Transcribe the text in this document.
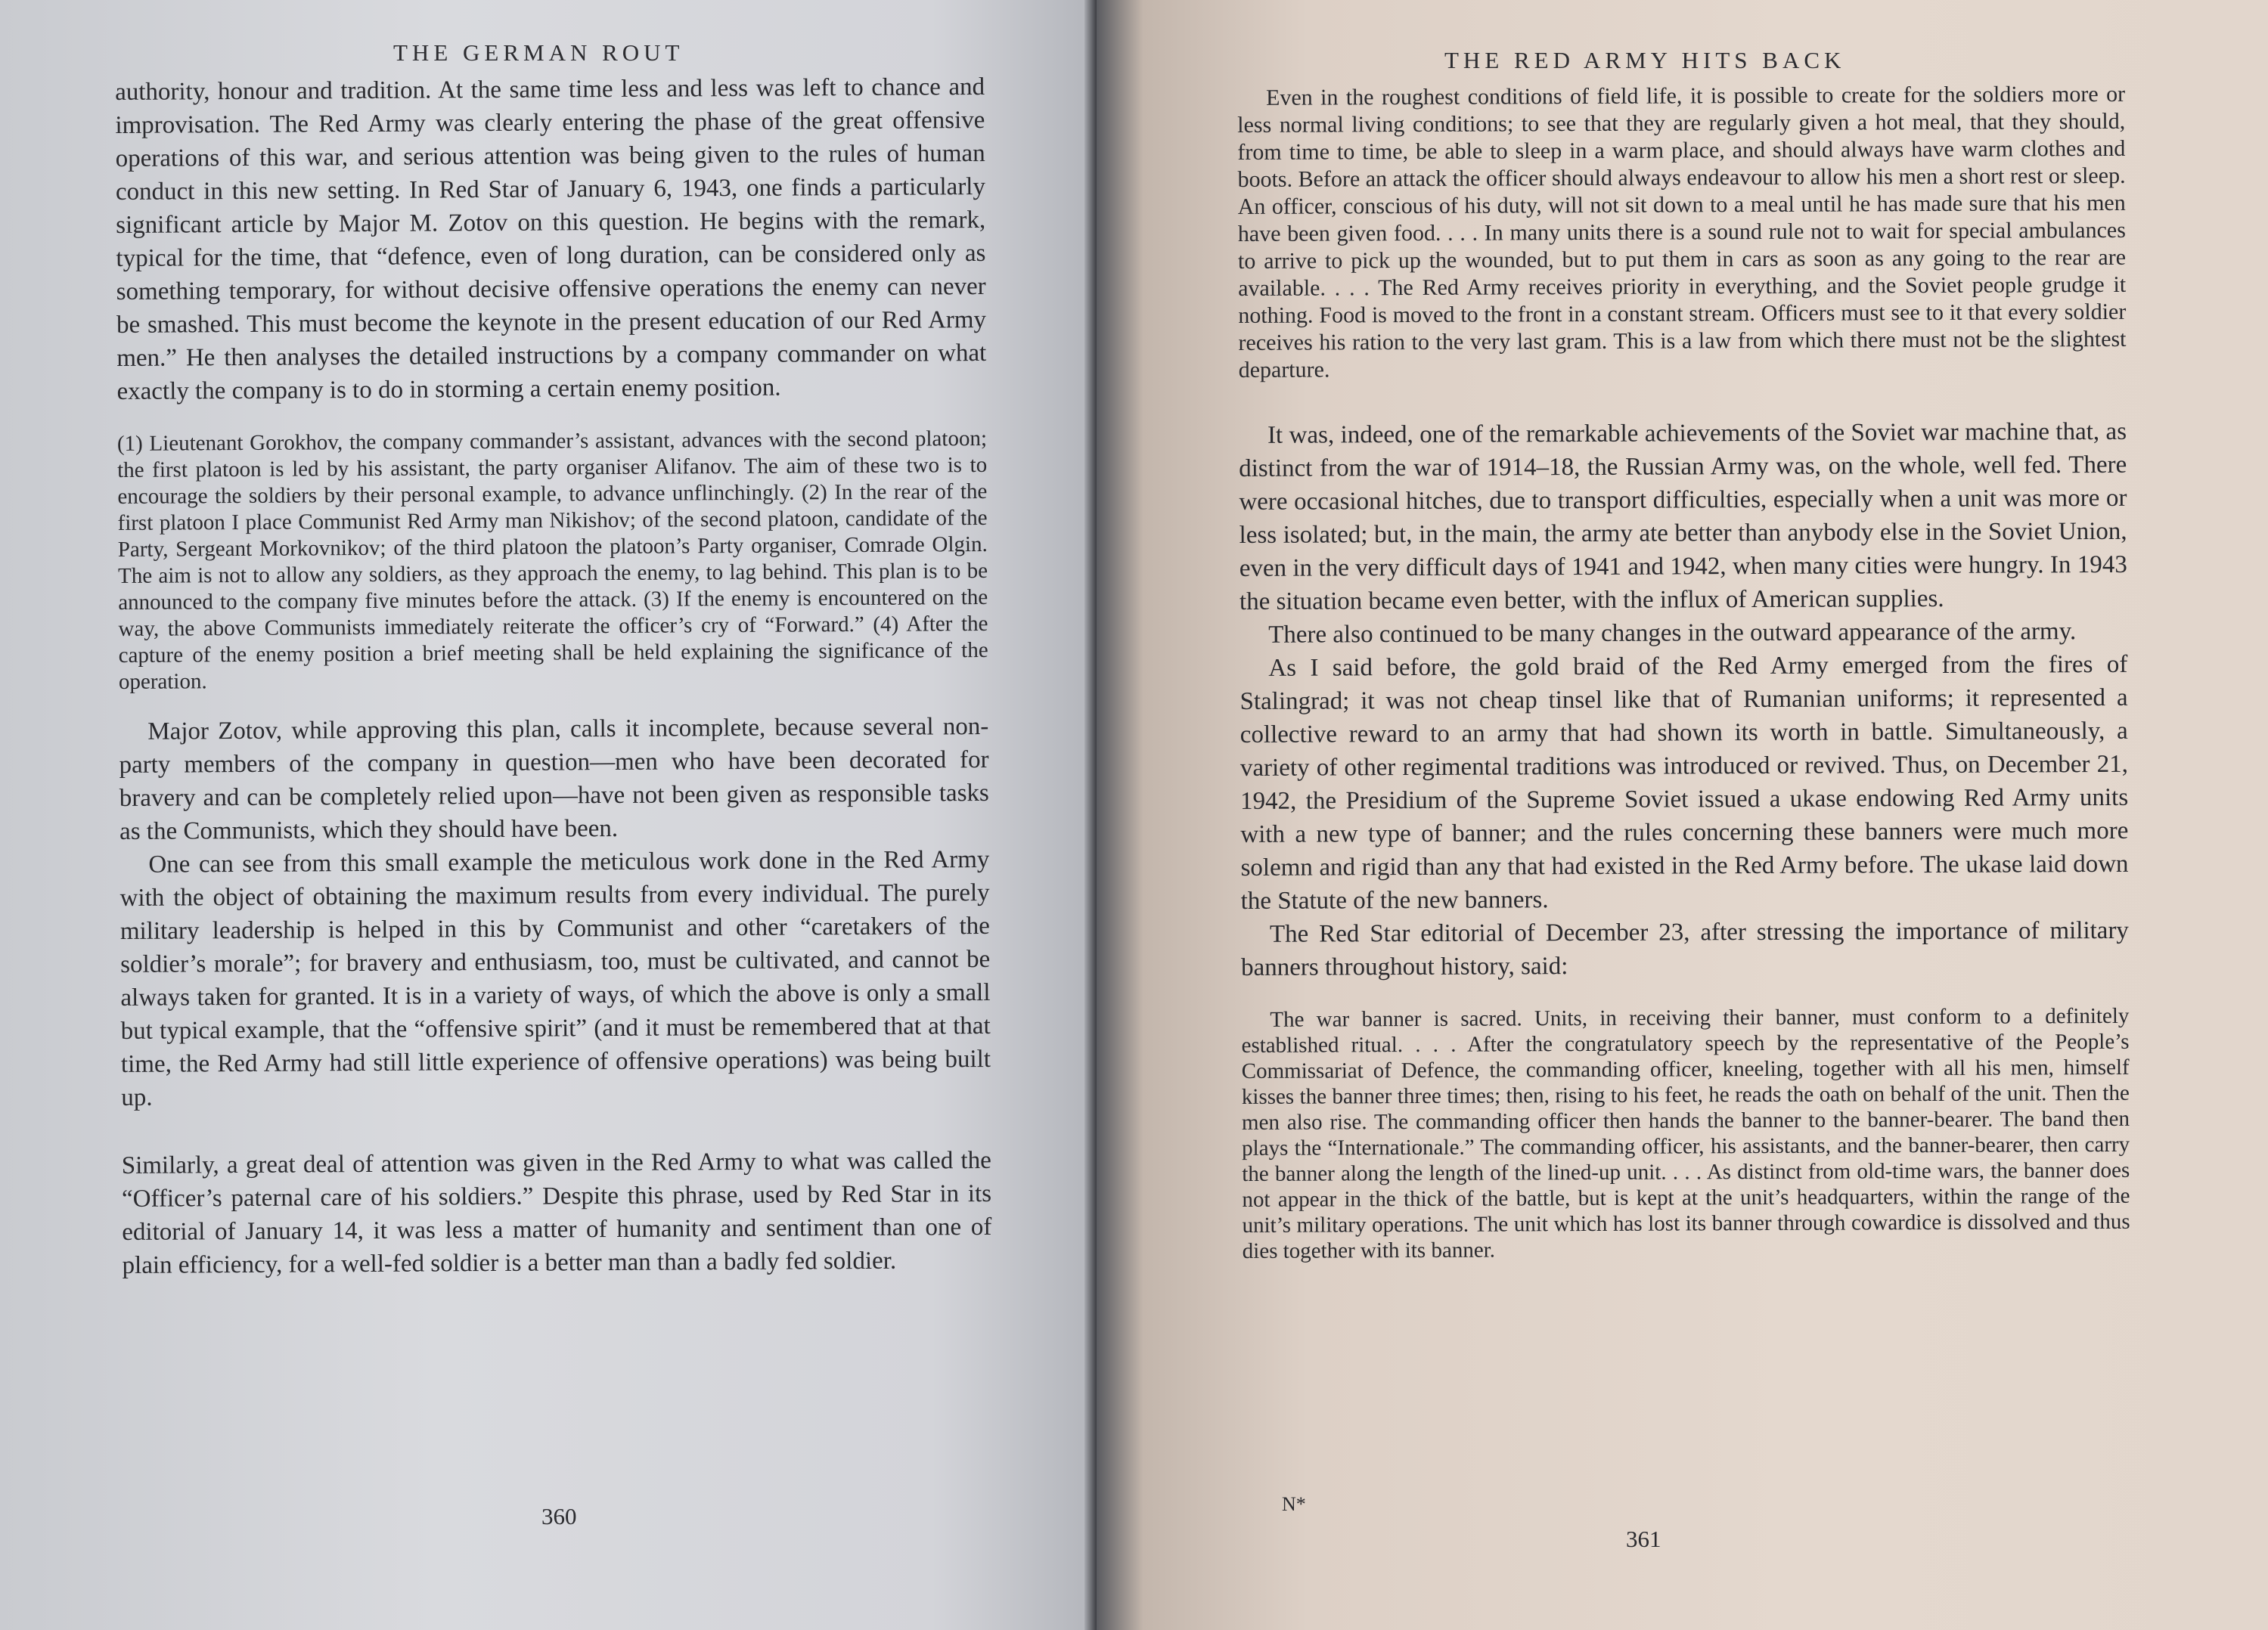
THE GERMAN ROUT

authority, honour and tradition. At the same time less and less was left to chance and improvisation. The Red Army was clearly entering the phase of the great offensive operations of this war, and serious attention was being given to the rules of human conduct in this new setting. In Red Star of January 6, 1943, one finds a particularly significant article by Major M. Zotov on this question. He begins with the remark, typical for the time, that “defence, even of long duration, can be considered only as something temporary, for without decisive offensive operations the enemy can never be smashed. This must become the keynote in the present education of our Red Army men.” He then analyses the detailed instructions by a company commander on what exactly the company is to do in storming a certain enemy position.

(1) Lieutenant Gorokhov, the company commander’s assistant, advances with the second platoon; the first platoon is led by his assistant, the party organiser Alifanov. The aim of these two is to encourage the soldiers by their personal example, to advance unflinchingly. (2) In the rear of the first platoon I place Communist Red Army man Nikishov; of the second platoon, candidate of the Party, Sergeant Morkovnikov; of the third platoon the platoon’s Party organiser, Comrade Olgin. The aim is not to allow any soldiers, as they approach the enemy, to lag behind. This plan is to be announced to the company five minutes before the attack. (3) If the enemy is encountered on the way, the above Communists immediately reiterate the officer’s cry of “Forward.” (4) After the capture of the enemy position a brief meeting shall be held explaining the significance of the operation.

Major Zotov, while approving this plan, calls it incomplete, because several non-party members of the company in question—men who have been decorated for bravery and can be completely relied upon—have not been given as responsible tasks as the Communists, which they should have been.

One can see from this small example the meticulous work done in the Red Army with the object of obtaining the maximum results from every individual. The purely military leadership is helped in this by Communist and other “caretakers of the soldier’s morale”; for bravery and enthusiasm, too, must be cultivated, and cannot be always taken for granted. It is in a variety of ways, of which the above is only a small but typical example, that the “offensive spirit” (and it must be remembered that at that time, the Red Army had still little experience of offensive operations) was being built up.

Similarly, a great deal of attention was given in the Red Army to what was called the “Officer’s paternal care of his soldiers.” Despite this phrase, used by Red Star in its editorial of January 14, it was less a matter of humanity and sentiment than one of plain efficiency, for a well-fed soldier is a better man than a badly fed soldier.

360
THE RED ARMY HITS BACK

Even in the roughest conditions of field life, it is possible to create for the soldiers more or less normal living conditions; to see that they are regularly given a hot meal, that they should, from time to time, be able to sleep in a warm place, and should always have warm clothes and boots. Before an attack the officer should always endeavour to allow his men a short rest or sleep. An officer, conscious of his duty, will not sit down to a meal until he has made sure that his men have been given food. . . . In many units there is a sound rule not to wait for special ambulances to arrive to pick up the wounded, but to put them in cars as soon as any going to the rear are available. . . . The Red Army receives priority in everything, and the Soviet people grudge it nothing. Food is moved to the front in a constant stream. Officers must see to it that every soldier receives his ration to the very last gram. This is a law from which there must not be the slightest departure.

It was, indeed, one of the remarkable achievements of the Soviet war machine that, as distinct from the war of 1914–18, the Russian Army was, on the whole, well fed. There were occasional hitches, due to transport difficulties, especially when a unit was more or less isolated; but, in the main, the army ate better than anybody else in the Soviet Union, even in the very difficult days of 1941 and 1942, when many cities were hungry. In 1943 the situation became even better, with the influx of American supplies.

There also continued to be many changes in the outward appearance of the army.

As I said before, the gold braid of the Red Army emerged from the fires of Stalingrad; it was not cheap tinsel like that of Rumanian uniforms; it represented a collective reward to an army that had shown its worth in battle. Simultaneously, a variety of other regimental traditions was introduced or revived. Thus, on December 21, 1942, the Presidium of the Supreme Soviet issued a ukase endowing Red Army units with a new type of banner; and the rules concerning these banners were much more solemn and rigid than any that had existed in the Red Army before. The ukase laid down the Statute of the new banners.

The Red Star editorial of December 23, after stressing the importance of military banners throughout history, said:

The war banner is sacred. Units, in receiving their banner, must conform to a definitely established ritual. . . . After the congratulatory speech by the representative of the People’s Commissariat of Defence, the commanding officer, kneeling, together with all his men, himself kisses the banner three times; then, rising to his feet, he reads the oath on behalf of the unit. Then the men also rise. The commanding officer then hands the banner to the banner-bearer. The band then plays the “Internationale.” The commanding officer, his assistants, and the banner-bearer, then carry the banner along the length of the lined-up unit. . . . As distinct from old-time wars, the banner does not appear in the thick of the battle, but is kept at the unit’s headquarters, within the range of the unit’s military operations. The unit which has lost its banner through cowardice is dissolved and thus dies together with its banner.

N*
361
